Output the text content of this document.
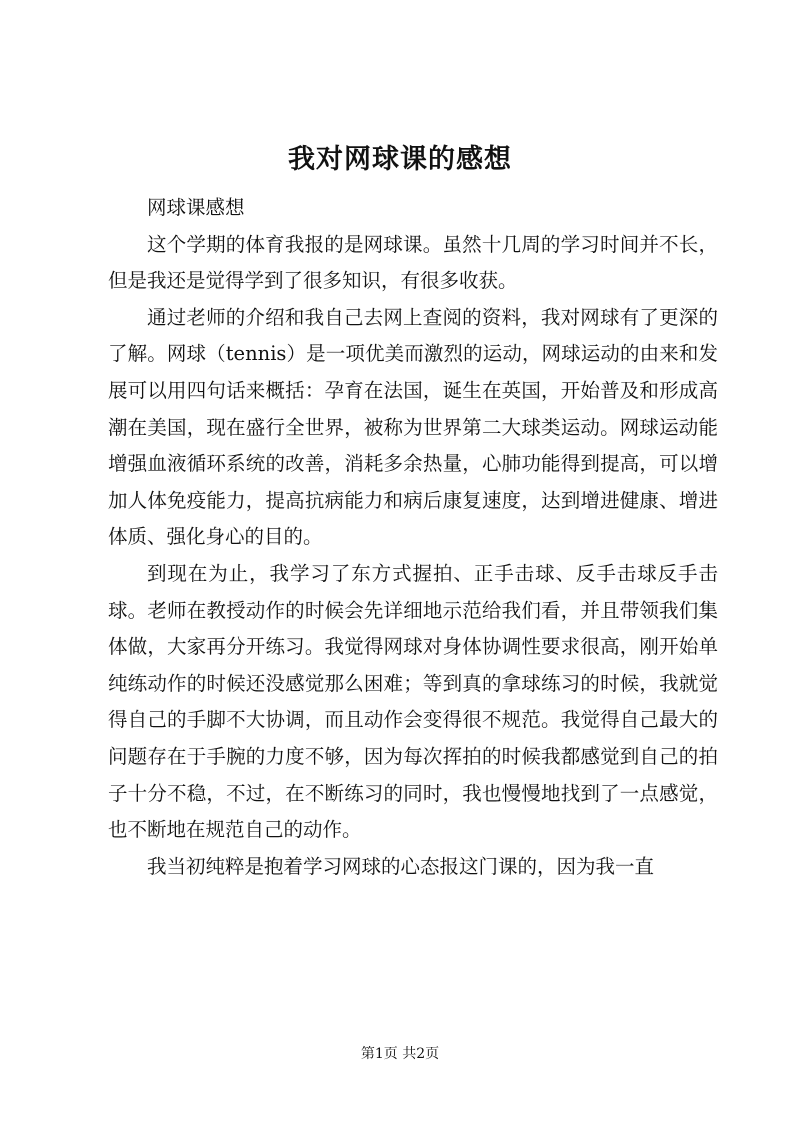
我对网球课的感想

网球课感想

这个学期的体育我报的是网球课。虽然十几周的学习时间并不长，但是我还是觉得学到了很多知识，有很多收获。

通过老师的介绍和我自己去网上查阅的资料，我对网球有了更深的了解。网球（tennis）是一项优美而激烈的运动，网球运动的由来和发展可以用四句话来概括：孕育在法国，诞生在英国，开始普及和形成高潮在美国，现在盛行全世界，被称为世界第二大球类运动。网球运动能增强血液循环系统的改善，消耗多余热量，心肺功能得到提高，可以增加人体免疫能力，提高抗病能力和病后康复速度，达到增进健康、增进体质、强化身心的目的。

到现在为止，我学习了东方式握拍、正手击球、反手击球反手击球。老师在教授动作的时候会先详细地示范给我们看，并且带领我们集体做，大家再分开练习。我觉得网球对身体协调性要求很高，刚开始单纯练动作的时候还没感觉那么困难；等到真的拿球练习的时候，我就觉得自己的手脚不大协调，而且动作会变得很不规范。我觉得自己最大的问题存在于手腕的力度不够，因为每次挥拍的时候我都感觉到自己的拍子十分不稳，不过，在不断练习的同时，我也慢慢地找到了一点感觉，也不断地在规范自己的动作。

我当初纯粹是抱着学习网球的心态报这门课的，因为我一直

第1页 共2页
